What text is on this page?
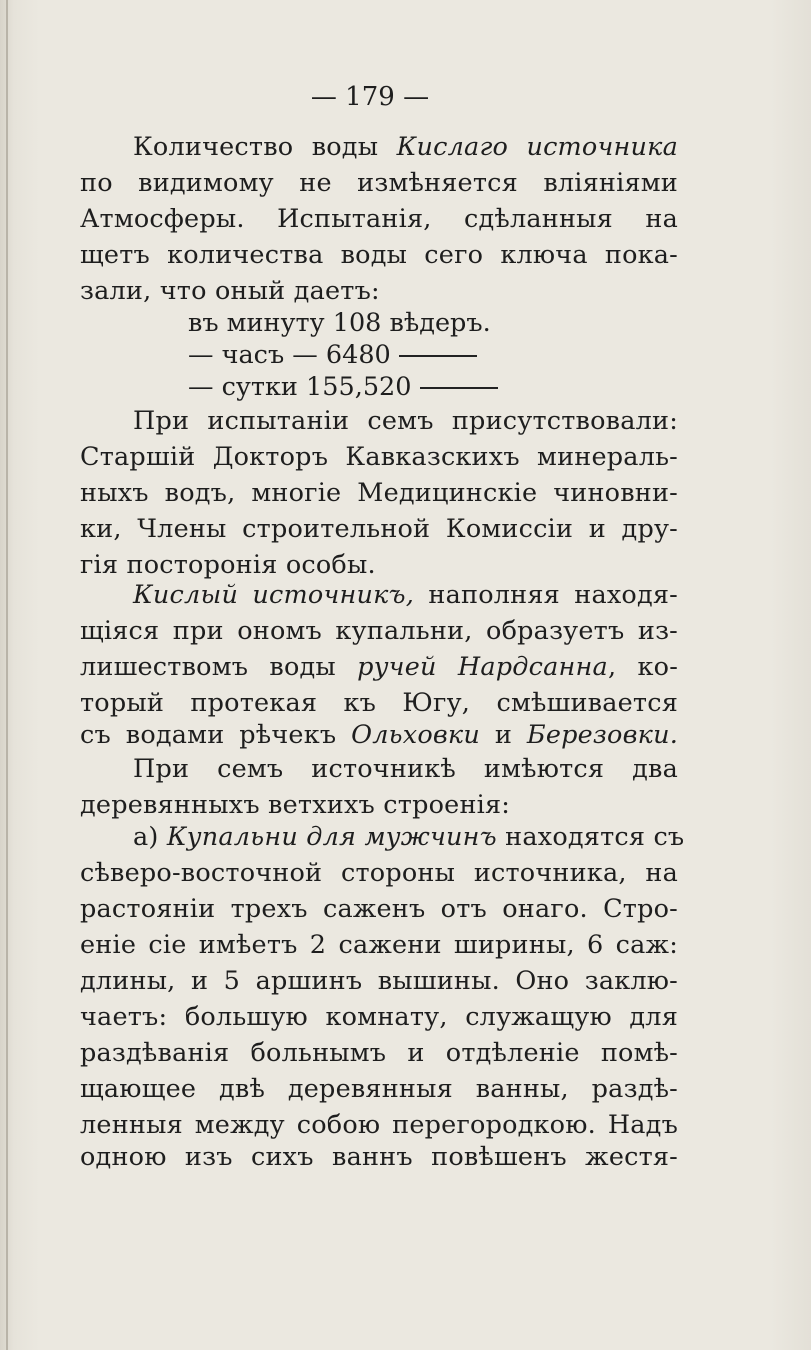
— 179 —
Количество воды Кислаго источника
по видимому не измѣняется вліяніями
Атмосферы. Испытанія, сдѣланныя на
щетъ количества воды сего ключа пока-
зали, что оный даетъ:
въ минуту 108 вѣдеръ.
— часъ — 6480
— сутки 155,520
При испытаніи семъ присутствовали:
Старшій Докторъ Кавказскихъ минераль-
ныхъ водъ, многіе Медицинскіе чиновни-
ки, Члены строительной Комиссіи и дру-
гія посторонія особы.
Кислый источникъ, наполняя находя-
щіяся при ономъ купальни, образуетъ из-
лишествомъ воды ручей Нардсанна, ко-
торый протекая къ Югу, смѣшивается
съ водами рѣчекъ Ольховки и Березовки.
При семъ источникѣ имѣются два
деревянныхъ ветхихъ строенія:
а) Купальни для мужчинъ находятся съ
сѣверо-восточной стороны источника, на
растояніи трехъ саженъ отъ онаго. Стро-
еніе сіе имѣетъ 2 сажени ширины, 6 саж:
длины, и 5 аршинъ вышины. Оно заклю-
чаетъ: большую комнату, служащую для
раздѣванія больнымъ и отдѣленіе помѣ-
щающее двѣ деревянныя ванны, раздѣ-
ленныя между собою перегородкою. Надъ
одною изъ сихъ ваннъ повѣшенъ жестя-
